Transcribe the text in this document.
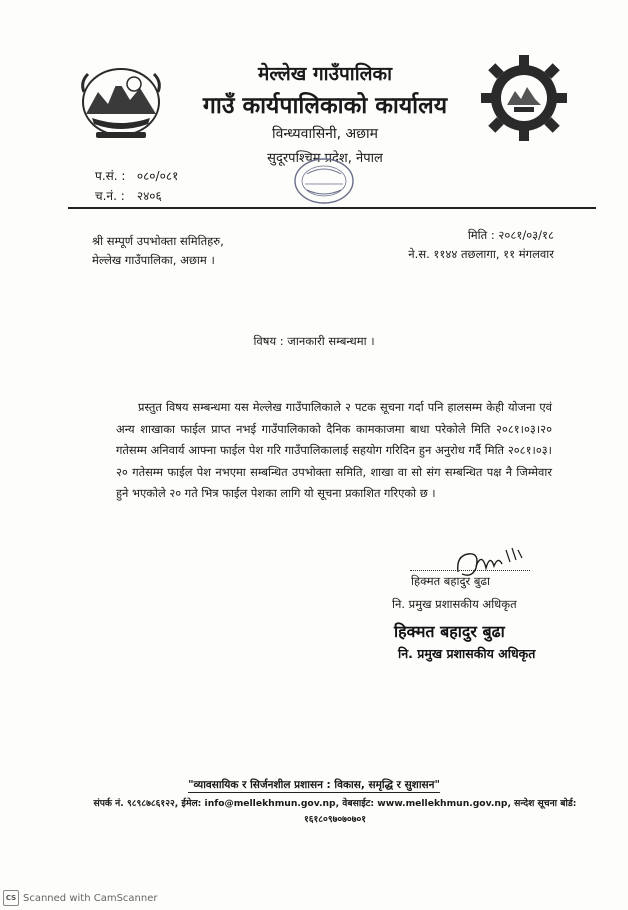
मेल्लेख गाउँपालिका
गाउँ कार्यपालिकाको कार्यालय
विन्ध्यवासिनी, अछाम
सुदूरपश्चिम प्रदेश, नेपाल
प.सं. : ०८०/०८१
च.नं. : २४०६
श्री सम्पूर्ण उपभोक्ता समितिहरु,
मेल्लेख गाउँपालिका, अछाम ।
मिति : २०८१/०३/१८
ने.स. ११४४ तछलागा, ११ मंगलवार
विषय : जानकारी सम्बन्धमा ।

प्रस्तुत विषय सम्बन्धमा यस मेल्लेख गाउँपालिकाले २ पटक सूचना गर्दा पनि हालसम्म केही योजना एवं अन्य शाखाका फाईल प्राप्त नभई गाउँपालिकाको दैनिक कामकाजमा बाधा परेकोले मिति २०८१।०३।२० गतेसम्म अनिवार्य आफ्ना फाईल पेश गरि गाउँपालिकालाई सहयोग गरिदिन हुन अनुरोध गर्दै मिति २०८१।०३।२० गतेसम्म फाईल पेश नभएमा सम्बन्धित उपभोक्ता समिति, शाखा वा सो संग सम्बन्धित पक्ष नै जिम्मेवार हुने भएकोले २० गते भित्र फाईल पेशका लागि यो सूचना प्रकाशित गरिएको छ ।

हिक्मत बहादुर बुढा
नि. प्रमुख प्रशासकीय अधिकृत
हिक्मत बहादुर बुढा
नि. प्रमुख प्रशासकीय अधिकृत
"व्यावसायिक र सिर्जनशील प्रशासन : विकास, समृद्धि र सुशासन"
संपर्क नं. ९८९८७८६१२२, ईमेल: info@mellekhmun.gov.np, वेबसाईट: www.mellekhmun.gov.np, सन्देश सूचना बोर्ड:
१६१८०९७०७०७०१
CS Scanned with CamScanner
